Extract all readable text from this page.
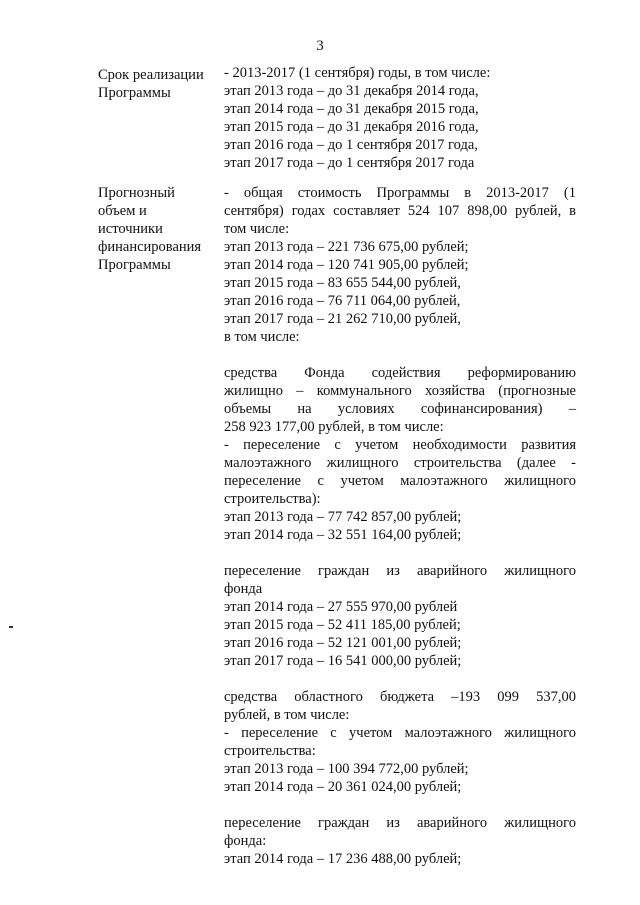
3
Срок реализации
Программы
- 2013-2017 (1 сентября) годы, в том числе:
этап 2013 года – до 31 декабря 2014 года,
этап 2014 года – до 31 декабря 2015 года,
этап 2015 года – до 31 декабря 2016 года,
этап 2016 года – до 1 сентября 2017 года,
этап 2017 года – до 1 сентября 2017 года
Прогнозный
объем и
источники
финансирования
Программы
- общая стоимость Программы в 2013-2017 (1
сентября) годах составляет 524 107 898,00 рублей, в
том числе:
этап 2013 года – 221 736 675,00 рублей;
этап 2014 года – 120 741 905,00 рублей;
этап 2015 года – 83 655 544,00 рублей,
этап 2016 года – 76 711 064,00 рублей,
этап 2017 года – 21 262 710,00 рублей,
в том числе:
средства Фонда содействия реформированию
жилищно – коммунального хозяйства (прогнозные
объемы на условиях софинансирования) –
258 923 177,00 рублей, в том числе:
- переселение с учетом необходимости развития
малоэтажного жилищного строительства (далее -
переселение с учетом малоэтажного жилищного
строительства):
этап 2013 года – 77 742 857,00 рублей;
этап 2014 года – 32 551 164,00 рублей;
переселение граждан из аварийного жилищного
фонда
этап 2014 года – 27 555 970,00 рублей
этап 2015 года – 52 411 185,00 рублей;
этап 2016 года – 52 121 001,00 рублей;
этап 2017 года – 16 541 000,00 рублей;
средства областного бюджета –193 099 537,00
рублей, в том числе:
- переселение с учетом малоэтажного жилищного
строительства:
этап 2013 года – 100 394 772,00 рублей;
этап 2014 года – 20 361 024,00 рублей;
переселение граждан из аварийного жилищного
фонда:
этап 2014 года – 17 236 488,00 рублей;
